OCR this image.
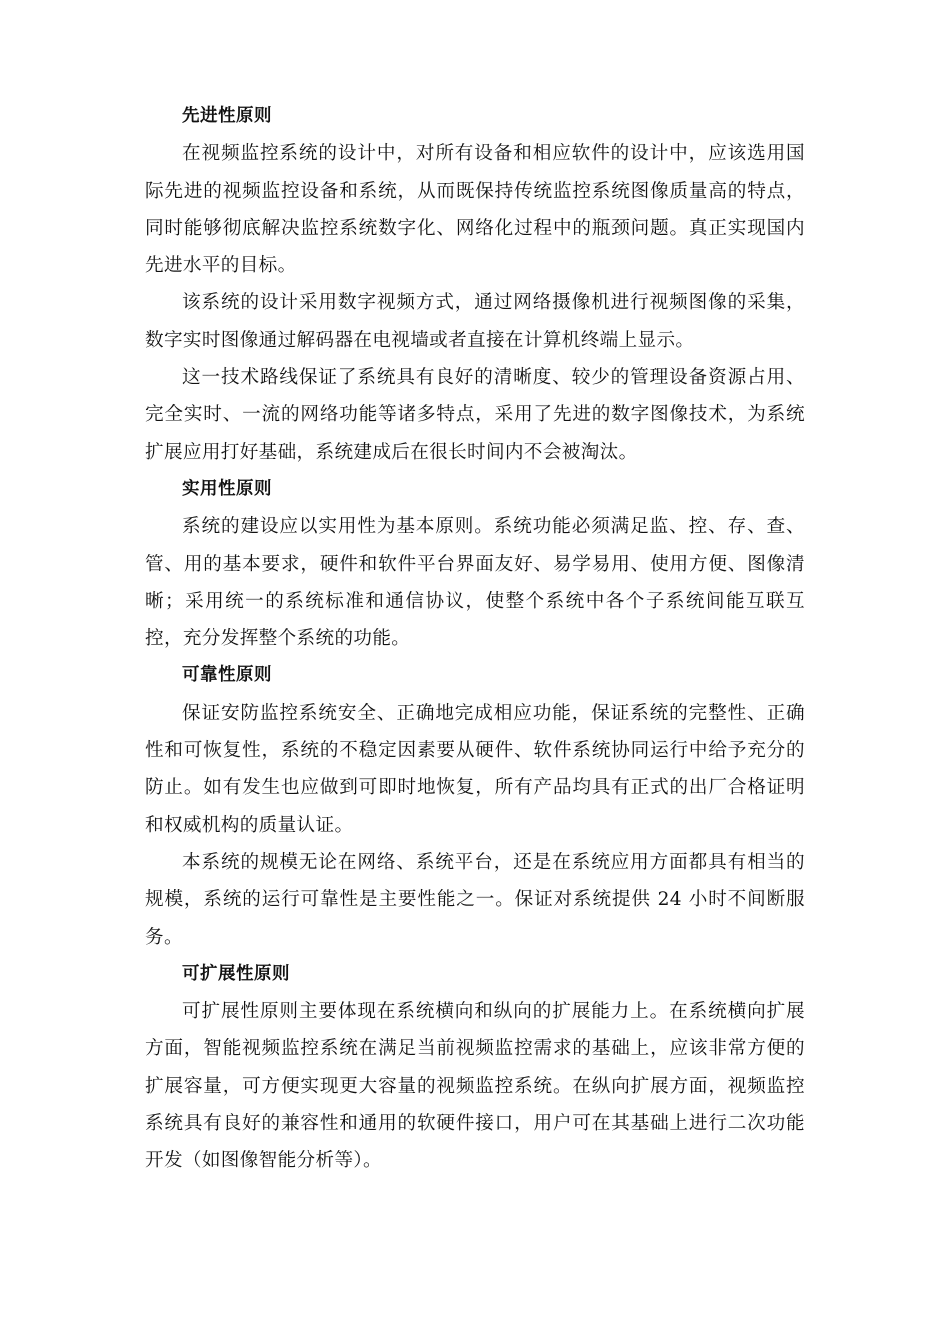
先进性原则

在视频监控系统的设计中，对所有设备和相应软件的设计中，应该选用国际先进的视频监控设备和系统，从而既保持传统监控系统图像质量高的特点，同时能够彻底解决监控系统数字化、网络化过程中的瓶颈问题。真正实现国内先进水平的目标。

该系统的设计采用数字视频方式，通过网络摄像机进行视频图像的采集，数字实时图像通过解码器在电视墙或者直接在计算机终端上显示。

这一技术路线保证了系统具有良好的清晰度、较少的管理设备资源占用、完全实时、一流的网络功能等诸多特点，采用了先进的数字图像技术，为系统扩展应用打好基础，系统建成后在很长时间内不会被淘汰。

实用性原则

系统的建设应以实用性为基本原则。系统功能必须满足监、控、存、查、管、用的基本要求，硬件和软件平台界面友好、易学易用、使用方便、图像清晰；采用统一的系统标准和通信协议，使整个系统中各个子系统间能互联互控，充分发挥整个系统的功能。

可靠性原则

保证安防监控系统安全、正确地完成相应功能，保证系统的完整性、正确性和可恢复性，系统的不稳定因素要从硬件、软件系统协同运行中给予充分的防止。如有发生也应做到可即时地恢复，所有产品均具有正式的出厂合格证明和权威机构的质量认证。

本系统的规模无论在网络、系统平台，还是在系统应用方面都具有相当的规模，系统的运行可靠性是主要性能之一。保证对系统提供 24 小时不间断服务。

可扩展性原则

可扩展性原则主要体现在系统横向和纵向的扩展能力上。在系统横向扩展方面，智能视频监控系统在满足当前视频监控需求的基础上，应该非常方便的扩展容量，可方便实现更大容量的视频监控系统。在纵向扩展方面，视频监控系统具有良好的兼容性和通用的软硬件接口，用户可在其基础上进行二次功能开发（如图像智能分析等）。
